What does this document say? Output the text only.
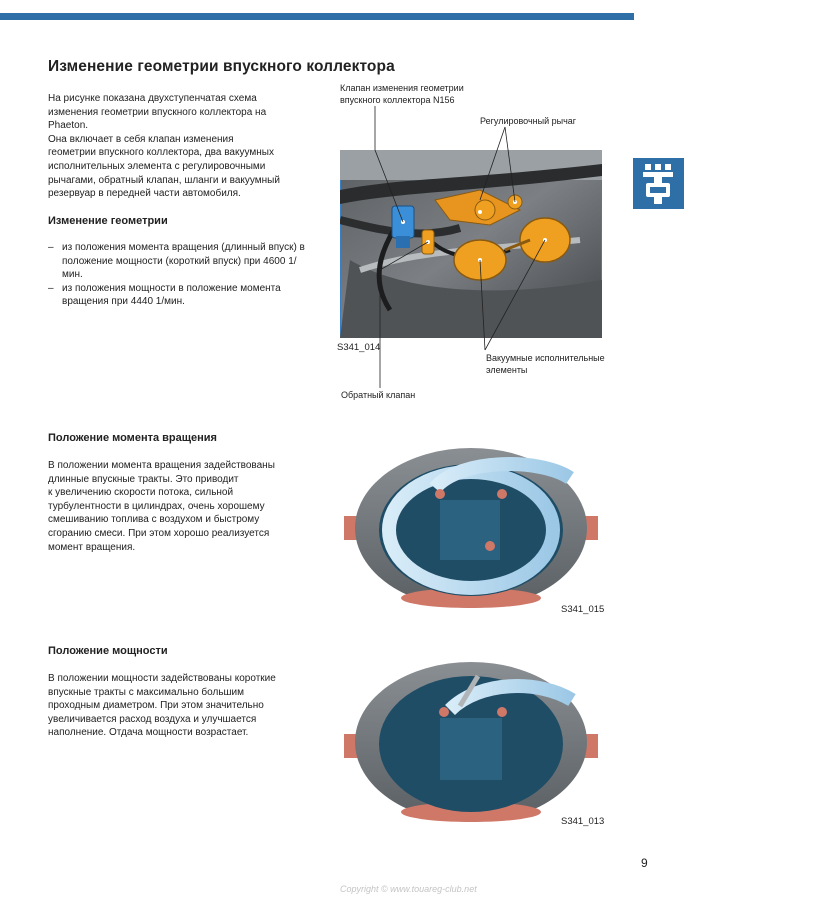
Изменение геометрии впускного коллектора
На рисунке показана двухступенчатая схема
изменения геометрии впускного коллектора на
Phaeton.
Она включает в себя клапан изменения
геометрии впускного коллектора, два вакуумных
исполнительных элемента с регулировочными
рычагами, обратный клапан, шланги и вакуумный
резервуар в передней части автомобиля.
Изменение геометрии
– из положения момента вращения (длинный впуск) в положение мощности (короткий впуск) при 4600 1/мин.
– из положения мощности в положение момента вращения при 4440 1/мин.
Клапан изменения геометрии впускного коллектора N156
Регулировочный рычаг
Вакуумные исполнительные элементы
Обратный клапан
S341_014
Положение момента вращения
В положении момента вращения задействованы
длинные впускные тракты. Это приводит
к увеличению скорости потока, сильной
турбулентности в цилиндрах, очень хорошему
смешиванию топлива с воздухом и быстрому
сгоранию смеси. При этом хорошо реализуется
момент вращения.
S341_015
Положение мощности
В положении мощности задействованы короткие
впускные тракты с максимально большим
проходным диаметром. При этом значительно
увеличивается расход воздуха и улучшается
наполнение. Отдача мощности возрастает.
S341_013
9
Copyright © www.touareg-club.net
